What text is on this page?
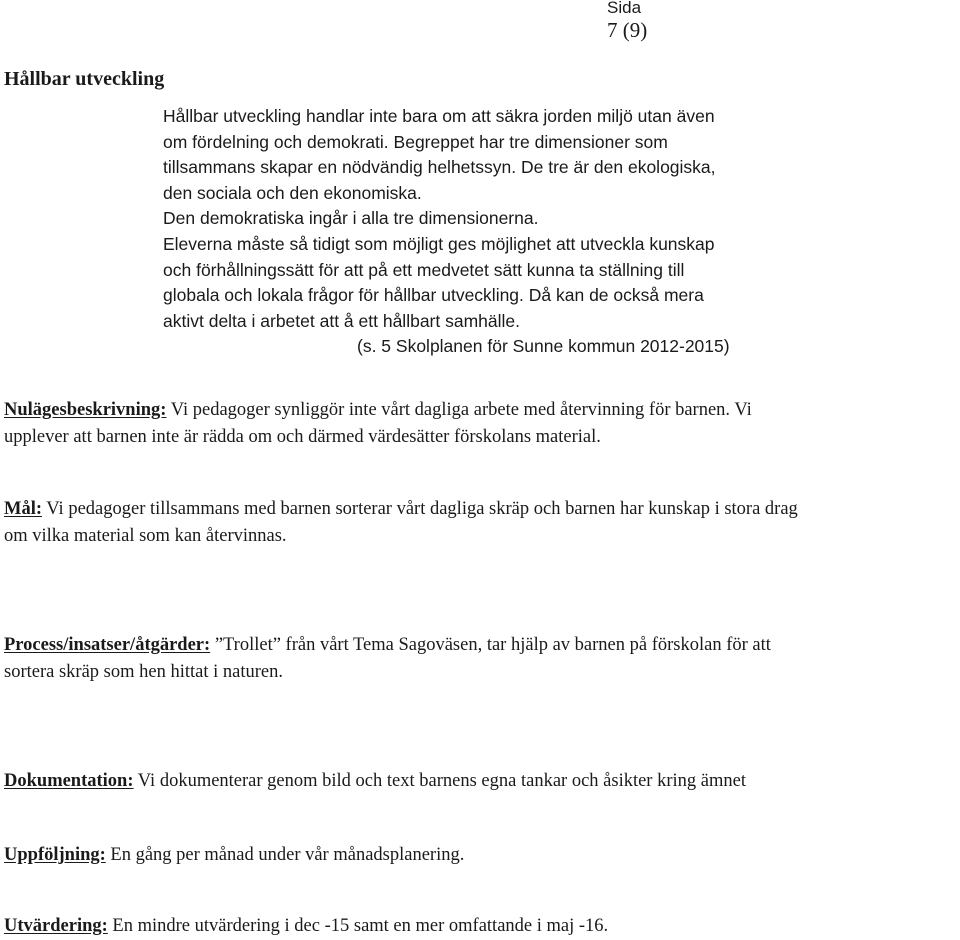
Sida
7 (9)
Hållbar utveckling
Hållbar utveckling handlar inte bara om att säkra jorden miljö utan även
om fördelning och demokrati. Begreppet har tre dimensioner som
tillsammans skapar en nödvändig helhetssyn. De tre är den ekologiska,
den sociala och den ekonomiska.
Den demokratiska ingår i alla tre dimensionerna.
Eleverna måste så tidigt som möjligt ges möjlighet att utveckla kunskap
och förhållningssätt för att på ett medvetet sätt kunna ta ställning till
globala och lokala frågor för hållbar utveckling. Då kan de också mera
aktivt delta i arbetet att å ett hållbart samhälle.
(s. 5 Skolplanen för Sunne kommun 2012-2015)
Nulägesbeskrivning: Vi pedagoger synliggör inte vårt dagliga arbete med återvinning för barnen. Vi
upplever att barnen inte är rädda om och därmed värdesätter förskolans material.
Mål: Vi pedagoger tillsammans med barnen sorterar vårt dagliga skräp och barnen har kunskap i stora drag
om vilka material som kan återvinnas.
Process/insatser/åtgärder: ”Trollet” från vårt Tema Sagoväsen, tar hjälp av barnen på förskolan för att
sortera skräp som hen hittat i naturen.
Dokumentation: Vi dokumenterar genom bild och text barnens egna tankar och åsikter kring ämnet
Uppföljning: En gång per månad under vår månadsplanering.
Utvärdering: En mindre utvärdering i dec -15 samt en mer omfattande i maj -16.
